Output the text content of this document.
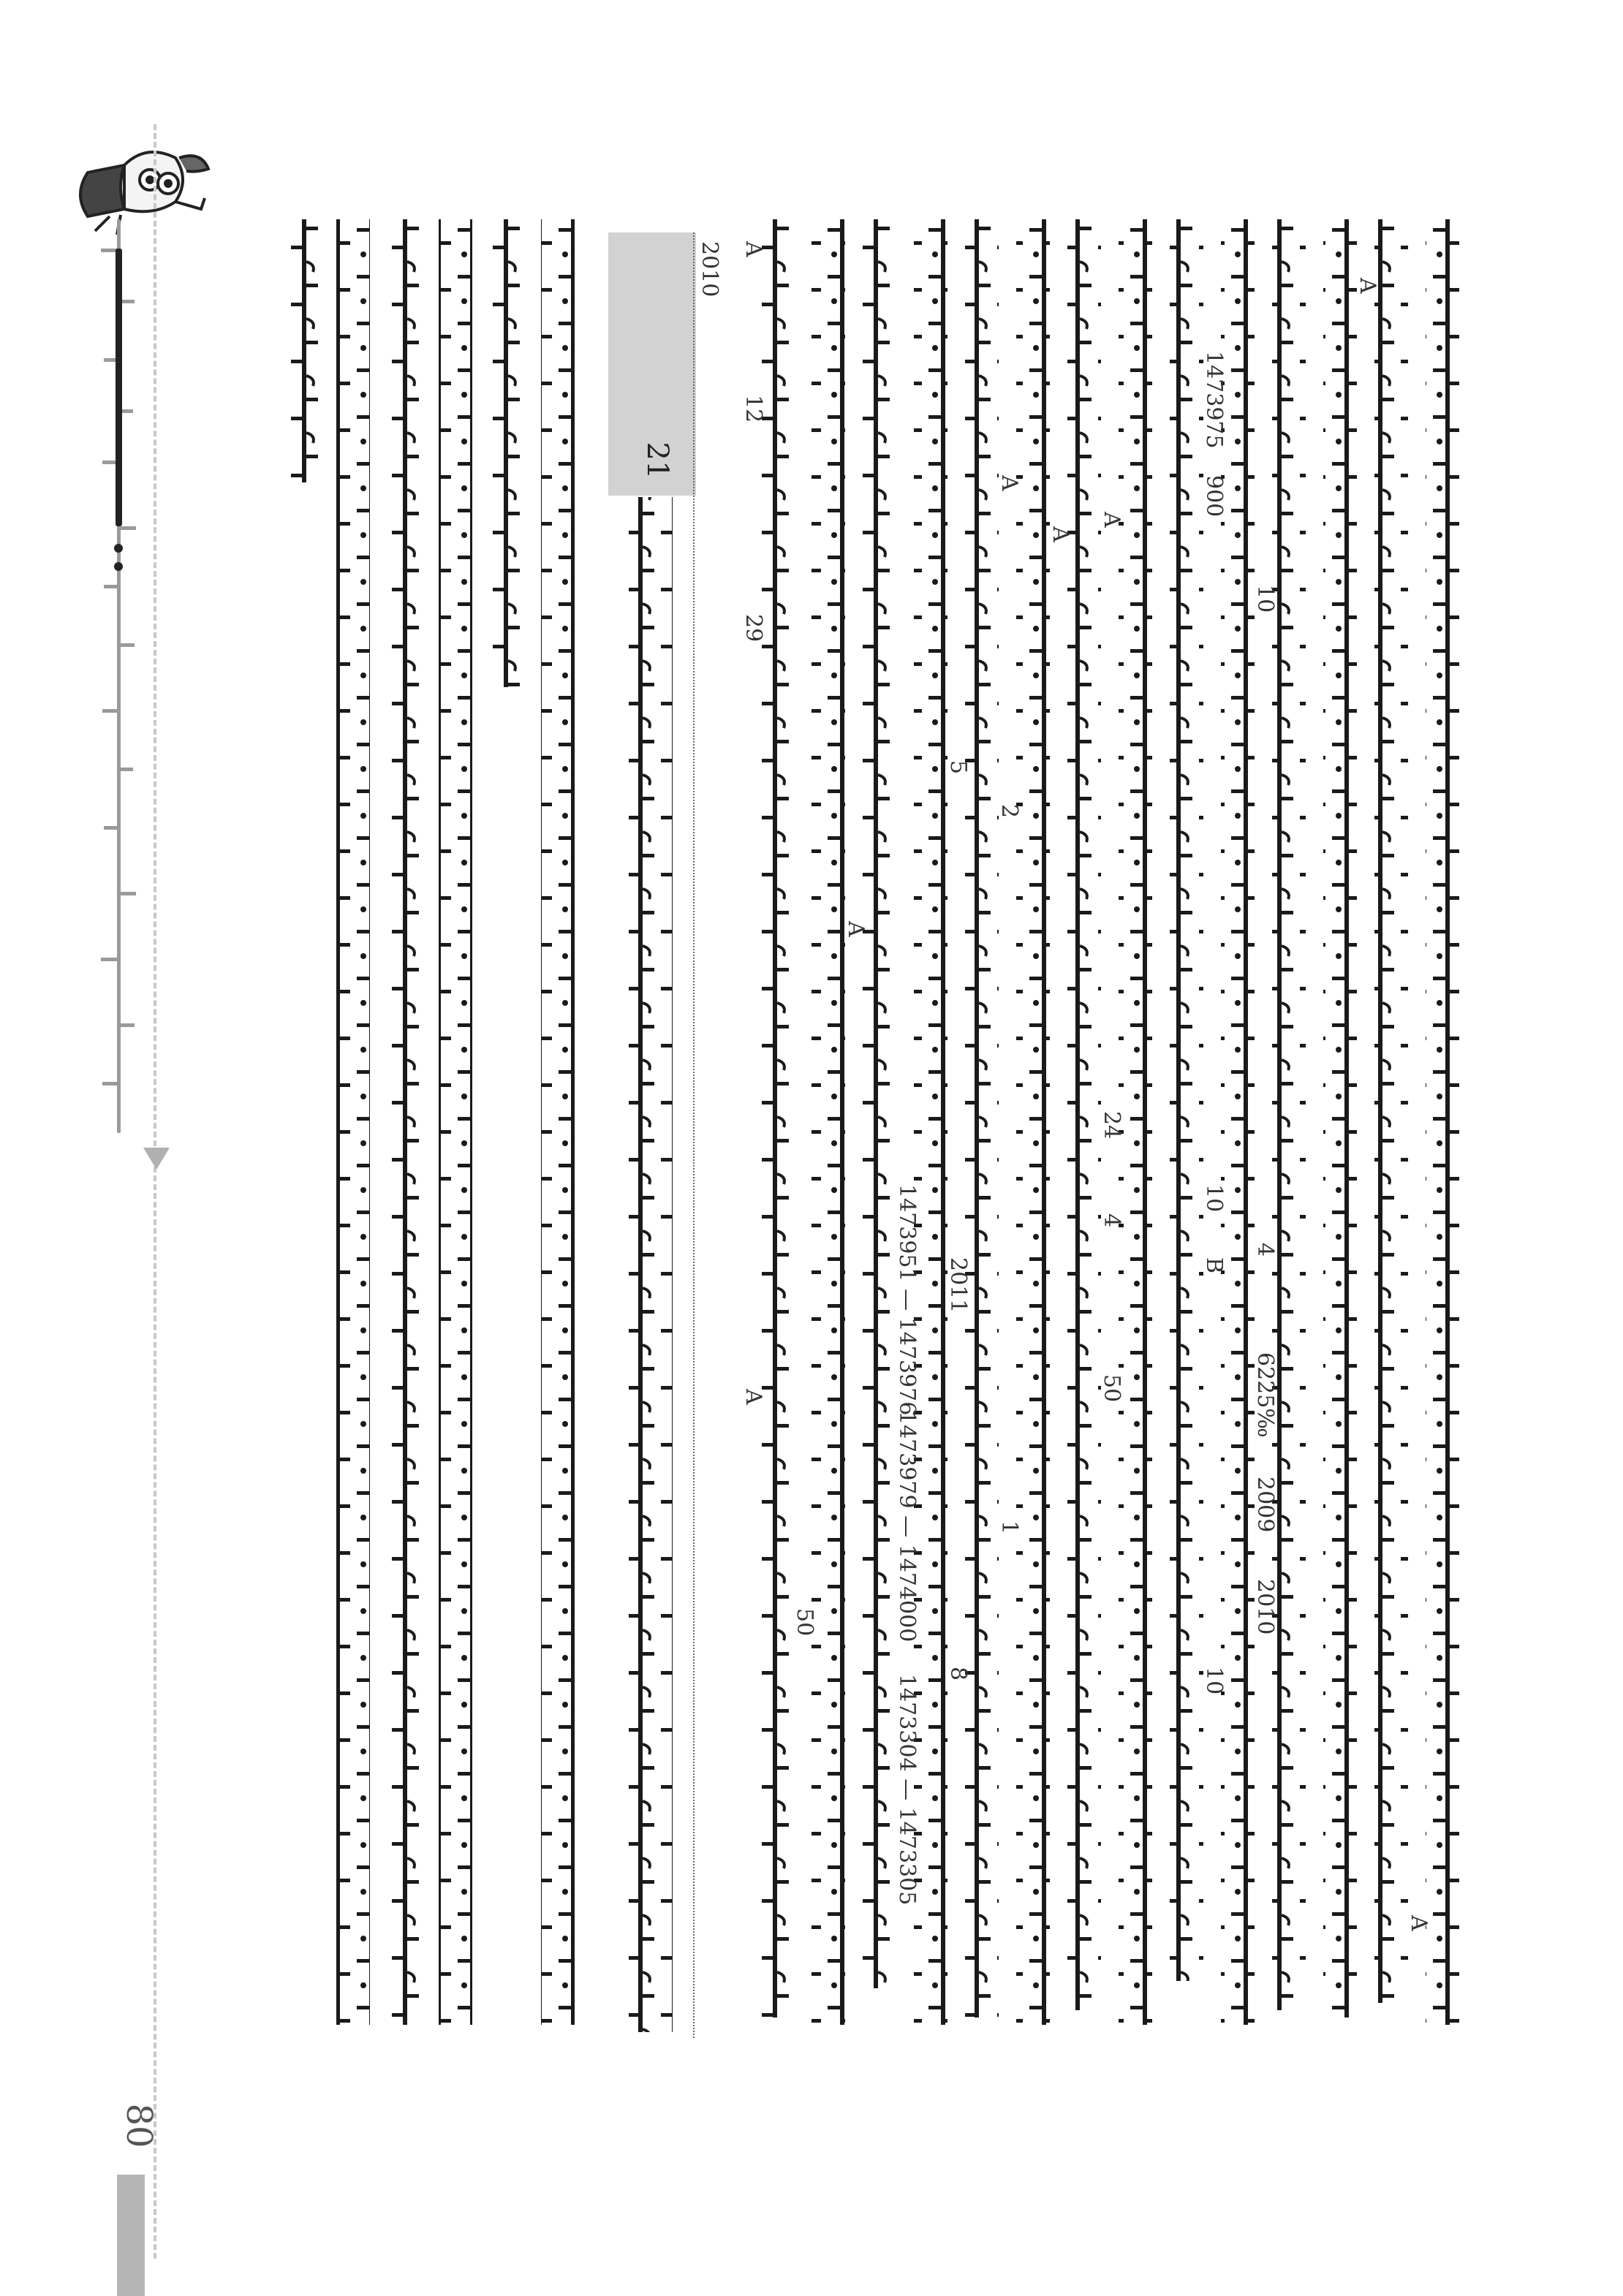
80
21
A
A
10
4
6225‰
2009
2010
1473975
900
10
10
B
A
24
50
4
A
A
2
1
5
2011
1473951 — 1473976
1473979 — 1474000
1473304 — 1473305
8
A
50
A
A
29
12
2010
